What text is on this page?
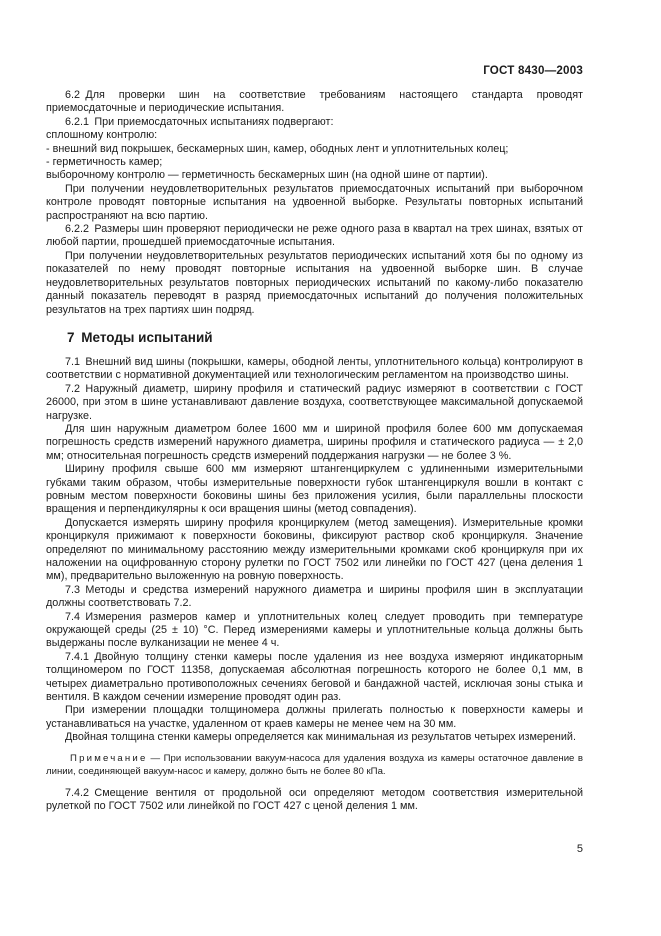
ГОСТ 8430—2003

6.2 Для проверки шин на соответствие требованиям настоящего стандарта проводят приемосдаточные и периодические испытания.

6.2.1 При приемосдаточных испытаниях подвергают:

сплошному контролю:

- внешний вид покрышек, бескамерных шин, камер, ободных лент и уплотнительных колец;

- герметичность камер;

выборочному контролю — герметичность бескамерных шин (на одной шине от партии).

При получении неудовлетворительных результатов приемосдаточных испытаний при выборочном контроле проводят повторные испытания на удвоенной выборке. Результаты повторных испытаний распространяют на всю партию.

6.2.2 Размеры шин проверяют периодически не реже одного раза в квартал на трех шинах, взятых от любой партии, прошедшей приемосдаточные испытания.

При получении неудовлетворительных результатов периодических испытаний хотя бы по одному из показателей по нему проводят повторные испытания на удвоенной выборке шин. В случае неудовлетворительных результатов повторных периодических испытаний по какому-либо показателю данный показатель переводят в разряд приемосдаточных испытаний до получения положительных результатов на трех партиях шин подряд.

7 Методы испытаний

7.1 Внешний вид шины (покрышки, камеры, ободной ленты, уплотнительного кольца) контролируют в соответствии с нормативной документацией или технологическим регламентом на производство шины.

7.2 Наружный диаметр, ширину профиля и статический радиус измеряют в соответствии с ГОСТ 26000, при этом в шине устанавливают давление воздуха, соответствующее максимальной допускаемой нагрузке.

Для шин наружным диаметром более 1600 мм и шириной профиля более 600 мм допускаемая погрешность средств измерений наружного диаметра, ширины профиля и статического радиуса — ± 2,0 мм; относительная погрешность средств измерений поддержания нагрузки — не более 3 %.

Ширину профиля свыше 600 мм измеряют штангенциркулем с удлиненными измерительными губками таким образом, чтобы измерительные поверхности губок штангенциркуля вошли в контакт с ровным местом поверхности боковины шины без приложения усилия, были параллельны плоскости вращения и перпендикулярны к оси вращения шины (метод совпадения).

Допускается измерять ширину профиля кронциркулем (метод замещения). Измерительные кромки кронциркуля прижимают к поверхности боковины, фиксируют раствор скоб кронциркуля. Значение определяют по минимальному расстоянию между измерительными кромками скоб кронциркуля при их наложении на оцифрованную сторону рулетки по ГОСТ 7502 или линейки по ГОСТ 427 (цена деления 1 мм), предварительно выложенную на ровную поверхность.

7.3 Методы и средства измерений наружного диаметра и ширины профиля шин в эксплуатации должны соответствовать 7.2.

7.4 Измерения размеров камер и уплотнительных колец следует проводить при температуре окружающей среды (25 ± 10) °С. Перед измерениями камеры и уплотнительные кольца должны быть выдержаны после вулканизации не менее 4 ч.

7.4.1 Двойную толщину стенки камеры после удаления из нее воздуха измеряют индикаторным толщиномером по ГОСТ 11358, допускаемая абсолютная погрешность которого не более 0,1 мм, в четырех диаметрально противоположных сечениях беговой и бандажной частей, исключая зоны стыка и вентиля. В каждом сечении измерение проводят один раз.

При измерении площадки толщиномера должны прилегать полностью к поверхности камеры и устанавливаться на участке, удаленном от краев камеры не менее чем на 30 мм.

Двойная толщина стенки камеры определяется как минимальная из результатов четырех измерений.

Примечание — При использовании вакуум-насоса для удаления воздуха из камеры остаточное давление в линии, соединяющей вакуум-насос и камеру, должно быть не более 80 кПа.

7.4.2 Смещение вентиля от продольной оси определяют методом соответствия измерительной рулеткой по ГОСТ 7502 или линейкой по ГОСТ 427 с ценой деления 1 мм.

5
